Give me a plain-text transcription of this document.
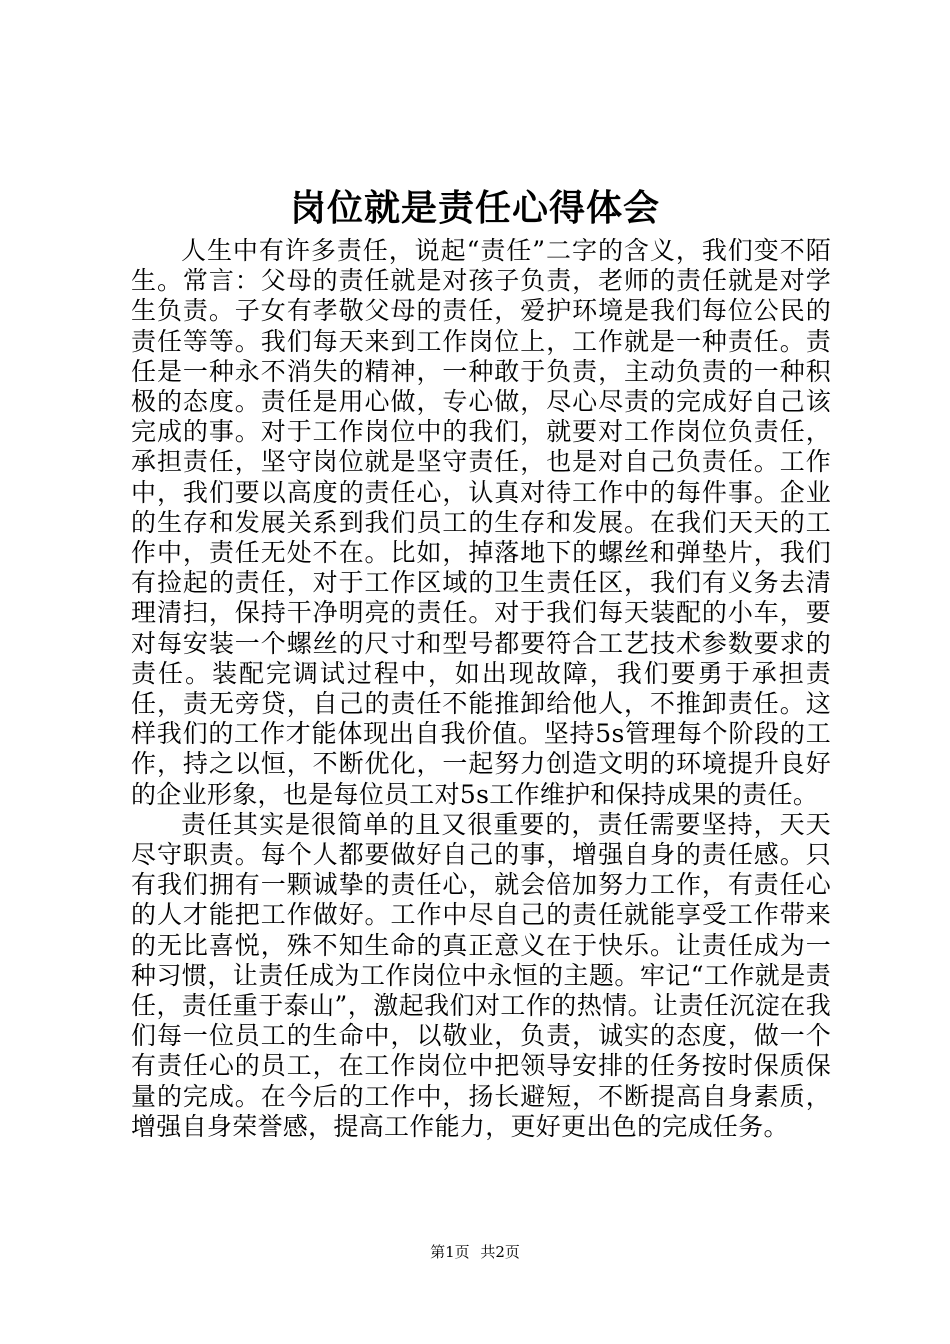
岗位就是责任心得体会

人生中有许多责任，说起“责任”二字的含义，我们变不陌生。常言：父母的责任就是对孩子负责，老师的责任就是对学生负责。子女有孝敬父母的责任，爱护环境是我们每位公民的责任等等。我们每天来到工作岗位上，工作就是一种责任。责任是一种永不消失的精神，一种敢于负责，主动负责的一种积极的态度。责任是用心做，专心做，尽心尽责的完成好自己该完成的事。对于工作岗位中的我们，就要对工作岗位负责任，承担责任，坚守岗位就是坚守责任，也是对自己负责任。工作中，我们要以高度的责任心，认真对待工作中的每件事。企业的生存和发展关系到我们员工的生存和发展。在我们天天的工作中，责任无处不在。比如，掉落地下的螺丝和弹垫片，我们有捡起的责任，对于工作区域的卫生责任区，我们有义务去清理清扫，保持干净明亮的责任。对于我们每天装配的小车，要对每安装一个螺丝的尺寸和型号都要符合工艺技术参数要求的责任。装配完调试过程中，如出现故障，我们要勇于承担责任，责无旁贷，自己的责任不能推卸给他人，不推卸责任。这样我们的工作才能体现出自我价值。坚持5s管理每个阶段的工作，持之以恒，不断优化，一起努力创造文明的环境提升良好的企业形象，也是每位员工对5s工作维护和保持成果的责任。

责任其实是很简单的且又很重要的，责任需要坚持，天天尽守职责。每个人都要做好自己的事，增强自身的责任感。只有我们拥有一颗诚挚的责任心，就会倍加努力工作，有责任心的人才能把工作做好。工作中尽自己的责任就能享受工作带来的无比喜悦，殊不知生命的真正意义在于快乐。让责任成为一种习惯，让责任成为工作岗位中永恒的主题。牢记“工作就是责任，责任重于泰山”，激起我们对工作的热情。让责任沉淀在我们每一位员工的生命中，以敬业，负责，诚实的态度，做一个有责任心的员工，在工作岗位中把领导安排的任务按时保质保量的完成。在今后的工作中，扬长避短，不断提高自身素质，增强自身荣誉感，提高工作能力，更好更出色的完成任务。

第1页 共2页
